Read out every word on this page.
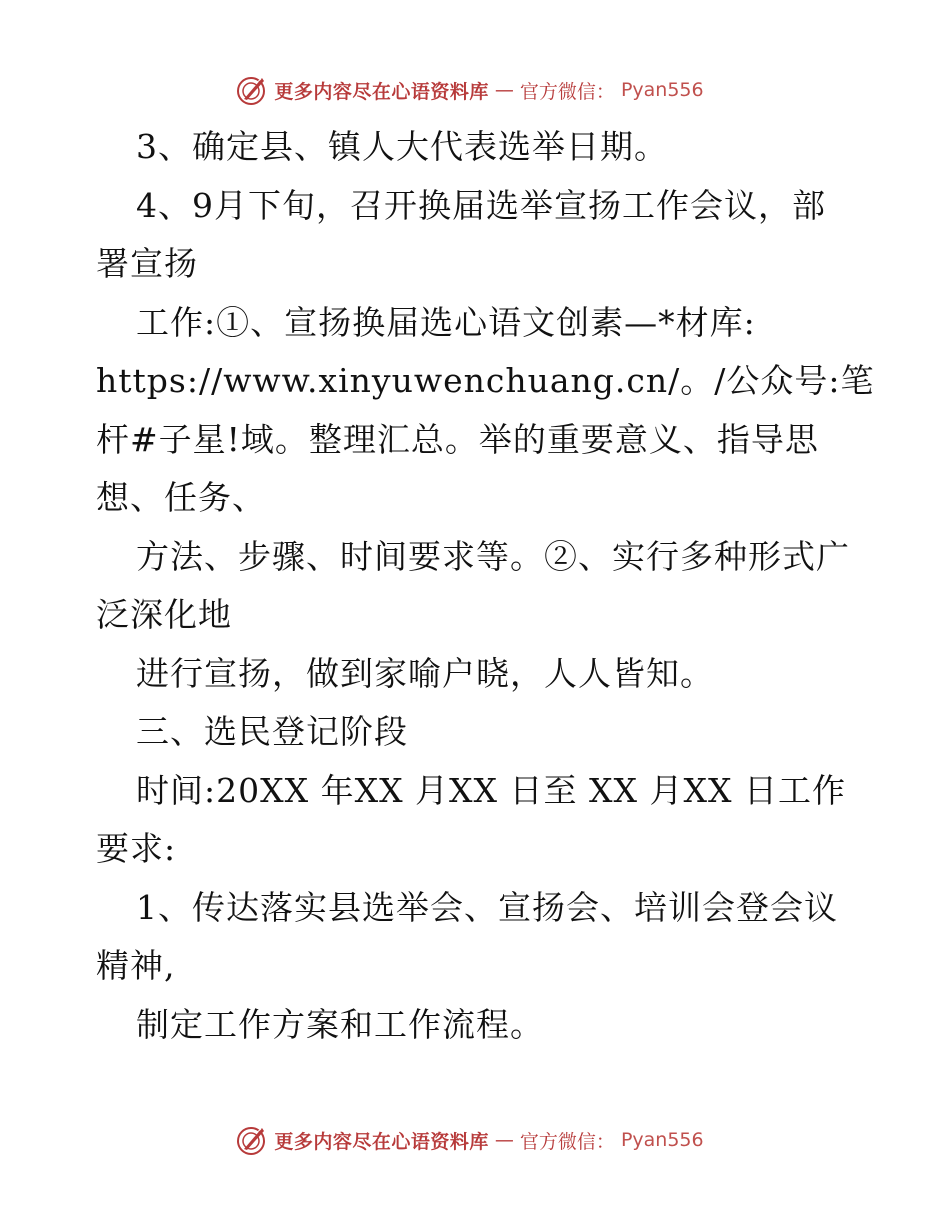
更多内容尽在心语资料库 — 官方微信： Pyan556
3、确定县、镇人大代表选举日期。
4、9月下旬，召开换届选举宣扬工作会议，部
署宣扬
工作:①、宣扬换届选心语文创素—*材库:
https://www.xinyuwenchuang.cn/。/公众号:笔
杆#子星!域。整理汇总。举的重要意义、指导思
想、任务、
方法、步骤、时间要求等。②、实行多种形式广
泛深化地
进行宣扬，做到家喻户晓，人人皆知。
三、选民登记阶段
时间:20XX 年XX 月XX 日至 XX 月XX 日工作
要求:
1、传达落实县选举会、宣扬会、培训会登会议
精神,
制定工作方案和工作流程。
更多内容尽在心语资料库 — 官方微信： Pyan556
